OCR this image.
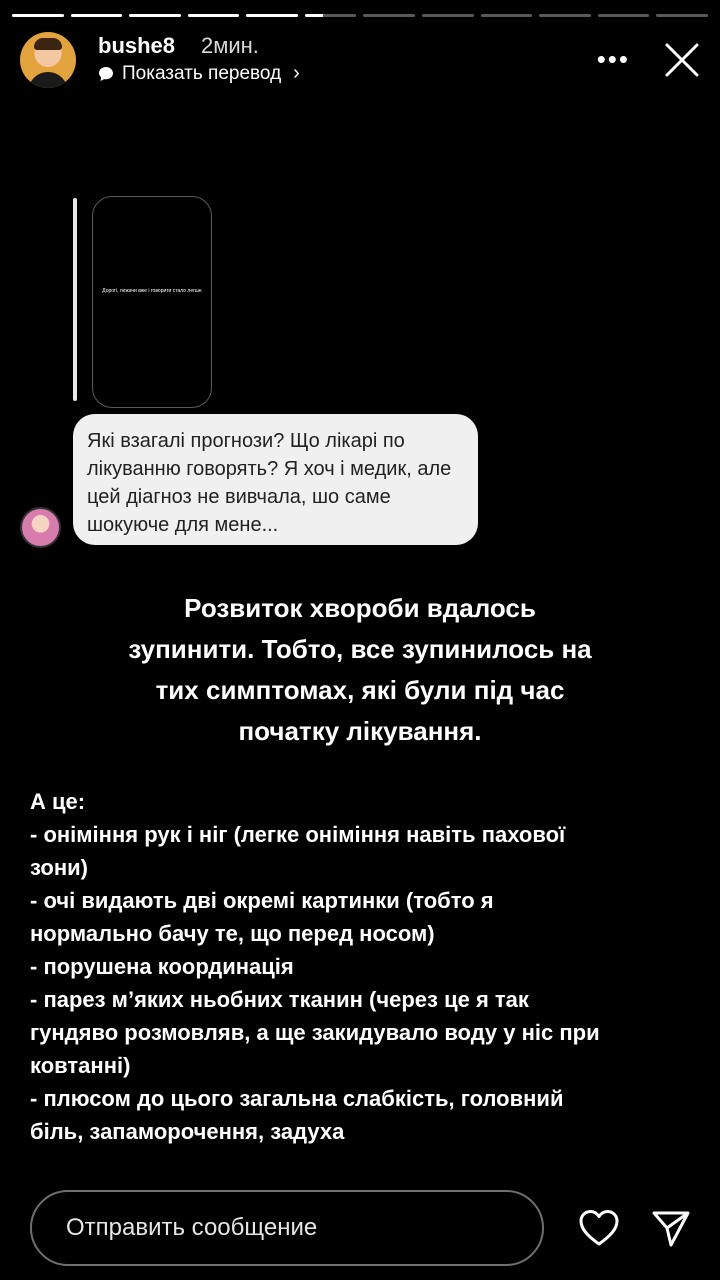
bushe8 2мин.
Показать перевод ›	•••
Дорогі, лежачи вже і говорити стало легше
Які взагалі прогнози? Що лікарі по лікуванню говорять? Я хоч і медик, але цей діагноз не вивчала, шо саме шокуюче для мене...
Розвиток хвороби вдалось
зупинити. Тобто, все зупинилось на
тих симптомах, які були під час
початку лікування.
А це:
- оніміння рук і ніг (легке оніміння навіть пахової
зони)
- очі видають дві окремі картинки (тобто я
нормально бачу те, що перед носом)
- порушена координація
- парез м’яких ньобних тканин (через це я так
гундяво розмовляв, а ще закидувало воду у ніс при
ковтанні)
- плюсом до цього загальна слабкість, головний
біль, запаморочення, задуха
Отправить сообщение
